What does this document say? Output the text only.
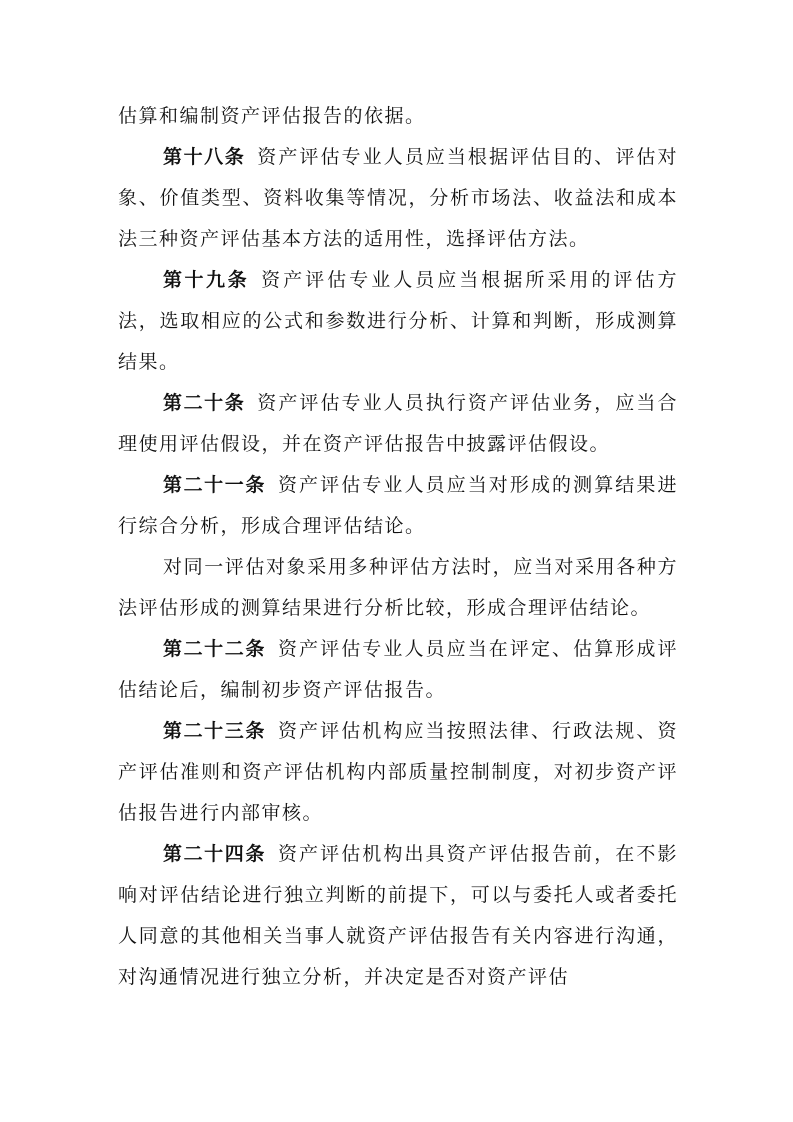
估算和编制资产评估报告的依据。

第十八条 资产评估专业人员应当根据评估目的、评估对象、价值类型、资料收集等情况，分析市场法、收益法和成本法三种资产评估基本方法的适用性，选择评估方法。

第十九条 资产评估专业人员应当根据所采用的评估方法，选取相应的公式和参数进行分析、计算和判断，形成测算结果。

第二十条 资产评估专业人员执行资产评估业务，应当合理使用评估假设，并在资产评估报告中披露评估假设。

第二十一条 资产评估专业人员应当对形成的测算结果进行综合分析，形成合理评估结论。

对同一评估对象采用多种评估方法时，应当对采用各种方法评估形成的测算结果进行分析比较，形成合理评估结论。

第二十二条 资产评估专业人员应当在评定、估算形成评估结论后，编制初步资产评估报告。

第二十三条 资产评估机构应当按照法律、行政法规、资产评估准则和资产评估机构内部质量控制制度，对初步资产评估报告进行内部审核。

第二十四条 资产评估机构出具资产评估报告前，在不影响对评估结论进行独立判断的前提下，可以与委托人或者委托人同意的其他相关当事人就资产评估报告有关内容进行沟通，对沟通情况进行独立分析，并决定是否对资产评估
